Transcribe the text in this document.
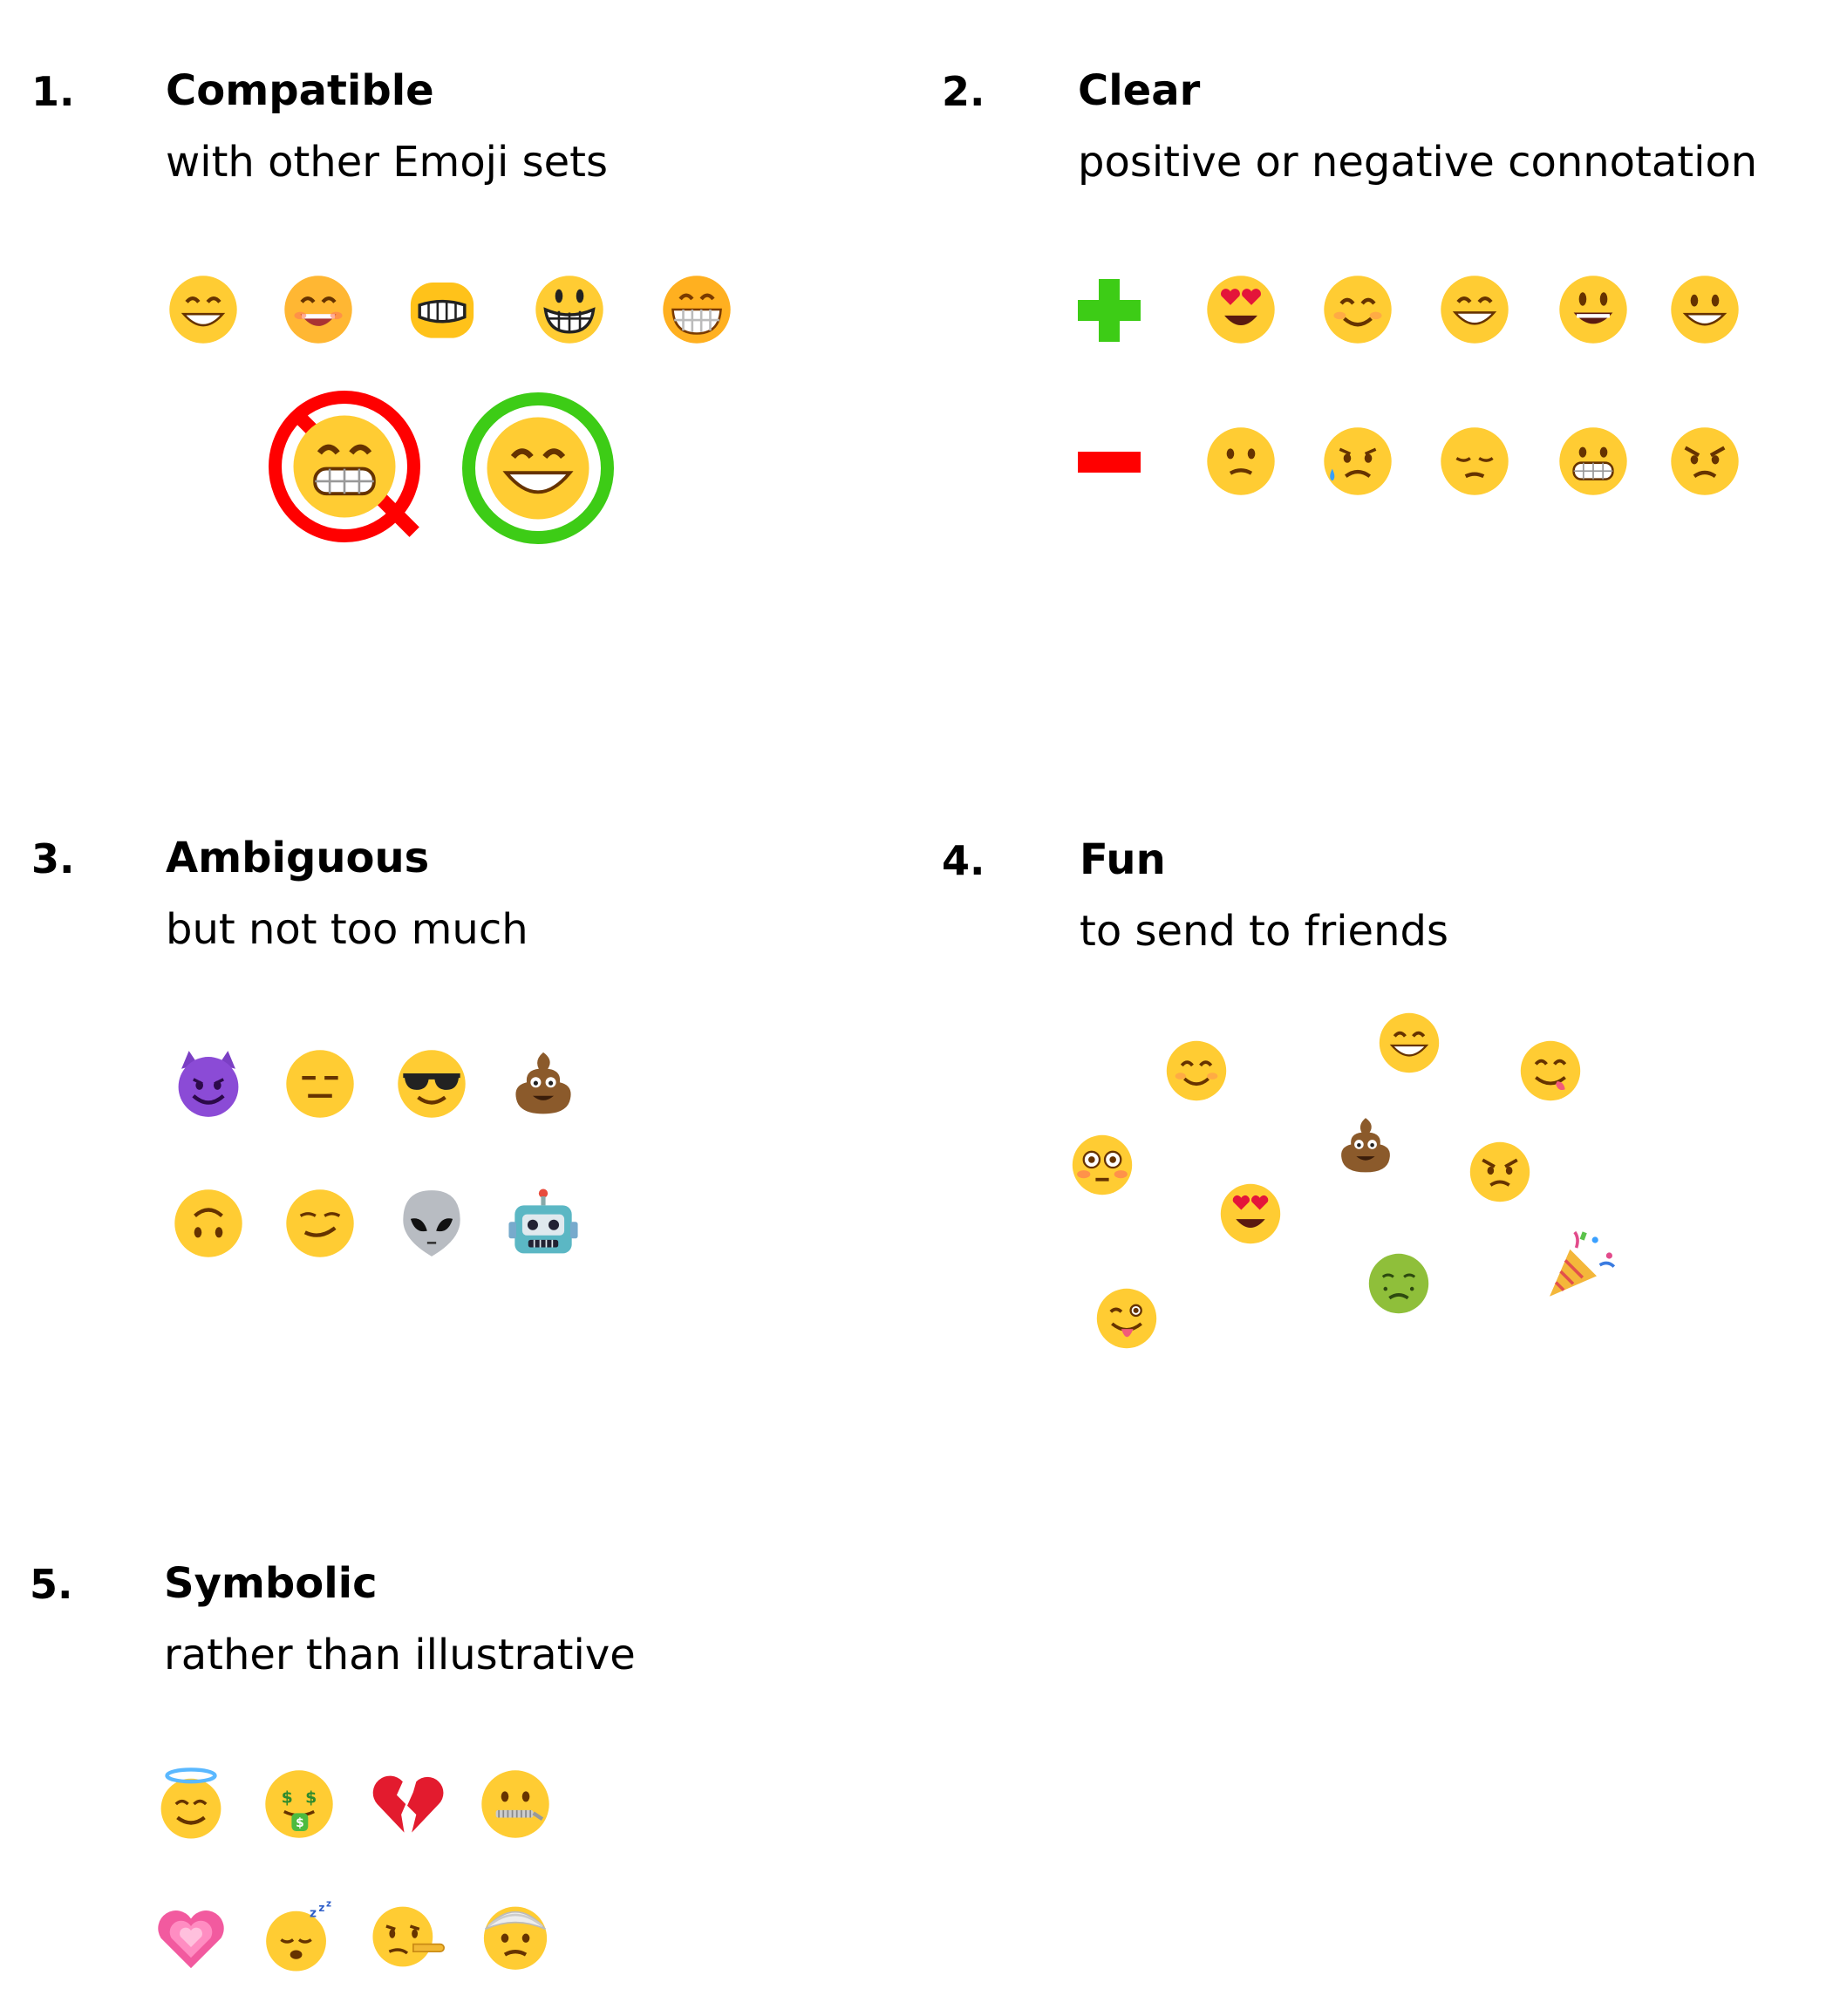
1. Compatible
with other Emoji sets
2. Clear
positive or negative connotation
3. Ambiguous
but not too much
4. Fun
to send to friends
5. Symbolic
rather than illustrative
$ $
$
z z z
